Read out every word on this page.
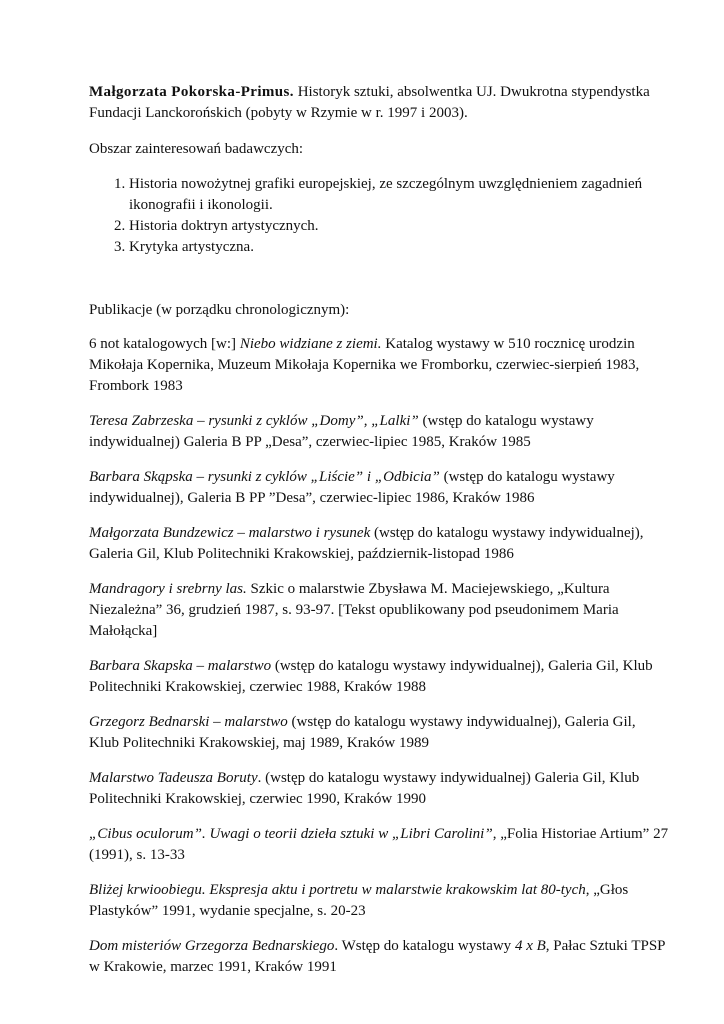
Małgorzata Pokorska-Primus. Historyk sztuki, absolwentka UJ. Dwukrotna stypendystka Fundacji Lanckorońskich (pobyty w Rzymie w r. 1997 i 2003).

Obszar zainteresowań badawczych:

1. Historia nowożytnej grafiki europejskiej, ze szczególnym uwzględnieniem zagadnień ikonografii i ikonologii.
2. Historia doktryn artystycznych.
3. Krytyka artystyczna.

Publikacje (w porządku chronologicznym):

6 not katalogowych [w:] Niebo widziane z ziemi. Katalog wystawy w 510 rocznicę urodzin Mikołaja Kopernika, Muzeum Mikołaja Kopernika we Fromborku, czerwiec-sierpień 1983, Frombork 1983

Teresa Zabrzeska – rysunki z cyklów „Domy”, „Lalki” (wstęp do katalogu wystawy indywidualnej) Galeria B PP „Desa”, czerwiec-lipiec 1985, Kraków 1985

Barbara Skąpska – rysunki z cyklów „Liście” i „Odbicia” (wstęp do katalogu wystawy indywidualnej), Galeria B PP ”Desa”, czerwiec-lipiec 1986, Kraków 1986

Małgorzata Bundzewicz – malarstwo i rysunek (wstęp do katalogu wystawy indywidualnej), Galeria Gil, Klub Politechniki Krakowskiej, październik-listopad 1986

Mandragory i srebrny las. Szkic o malarstwie Zbysława M. Maciejewskiego, „Kultura Niezależna” 36, grudzień 1987, s. 93-97. [Tekst opublikowany pod pseudonimem Maria Małołącka]

Barbara Skapska – malarstwo (wstęp do katalogu wystawy indywidualnej), Galeria Gil, Klub Politechniki Krakowskiej, czerwiec 1988, Kraków 1988

Grzegorz Bednarski – malarstwo (wstęp do katalogu wystawy indywidualnej), Galeria Gil, Klub Politechniki Krakowskiej, maj 1989, Kraków 1989

Malarstwo Tadeusza Boruty. (wstęp do katalogu wystawy indywidualnej) Galeria Gil, Klub Politechniki Krakowskiej, czerwiec 1990, Kraków 1990

„Cibus oculorum”. Uwagi o teorii dzieła sztuki w „Libri Carolini”, „Folia Historiae Artium” 27 (1991), s. 13-33

Bliżej krwioobiegu. Ekspresja aktu i portretu w malarstwie krakowskim lat 80-tych, „Głos Plastyków” 1991, wydanie specjalne, s. 20-23

Dom misteriów Grzegorza Bednarskiego. Wstęp do katalogu wystawy 4 x B, Pałac Sztuki TPSP w Krakowie, marzec 1991, Kraków 1991
